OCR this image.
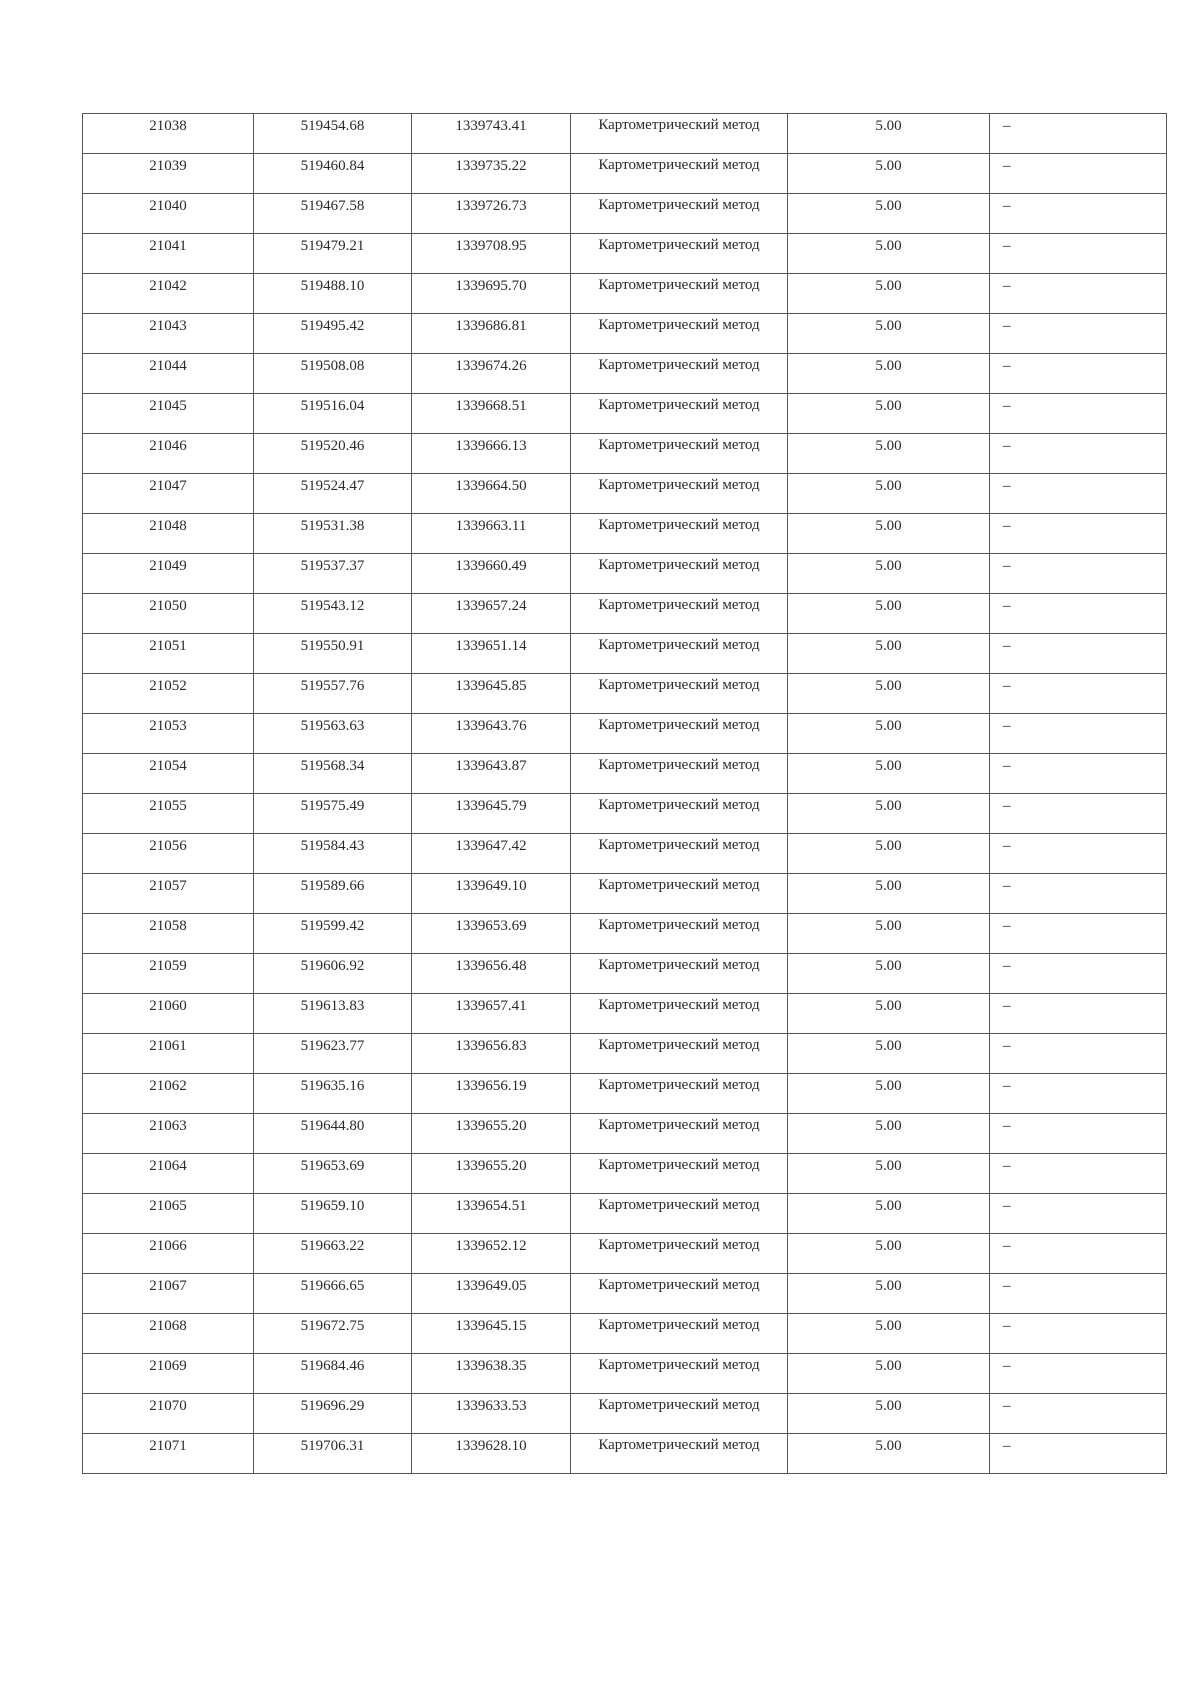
21038	519454.68	1339743.41	Картометрический метод	5.00	–

21039	519460.84	1339735.22	Картометрический метод	5.00	–

21040	519467.58	1339726.73	Картометрический метод	5.00	–

21041	519479.21	1339708.95	Картометрический метод	5.00	–

21042	519488.10	1339695.70	Картометрический метод	5.00	–

21043	519495.42	1339686.81	Картометрический метод	5.00	–

21044	519508.08	1339674.26	Картометрический метод	5.00	–

21045	519516.04	1339668.51	Картометрический метод	5.00	–

21046	519520.46	1339666.13	Картометрический метод	5.00	–

21047	519524.47	1339664.50	Картометрический метод	5.00	–

21048	519531.38	1339663.11	Картометрический метод	5.00	–

21049	519537.37	1339660.49	Картометрический метод	5.00	–

21050	519543.12	1339657.24	Картометрический метод	5.00	–

21051	519550.91	1339651.14	Картометрический метод	5.00	–

21052	519557.76	1339645.85	Картометрический метод	5.00	–

21053	519563.63	1339643.76	Картометрический метод	5.00	–

21054	519568.34	1339643.87	Картометрический метод	5.00	–

21055	519575.49	1339645.79	Картометрический метод	5.00	–

21056	519584.43	1339647.42	Картометрический метод	5.00	–

21057	519589.66	1339649.10	Картометрический метод	5.00	–

21058	519599.42	1339653.69	Картометрический метод	5.00	–

21059	519606.92	1339656.48	Картометрический метод	5.00	–

21060	519613.83	1339657.41	Картометрический метод	5.00	–

21061	519623.77	1339656.83	Картометрический метод	5.00	–

21062	519635.16	1339656.19	Картометрический метод	5.00	–

21063	519644.80	1339655.20	Картометрический метод	5.00	–

21064	519653.69	1339655.20	Картометрический метод	5.00	–

21065	519659.10	1339654.51	Картометрический метод	5.00	–

21066	519663.22	1339652.12	Картометрический метод	5.00	–

21067	519666.65	1339649.05	Картометрический метод	5.00	–

21068	519672.75	1339645.15	Картометрический метод	5.00	–

21069	519684.46	1339638.35	Картометрический метод	5.00	–

21070	519696.29	1339633.53	Картометрический метод	5.00	–

21071	519706.31	1339628.10	Картометрический метод	5.00	–
